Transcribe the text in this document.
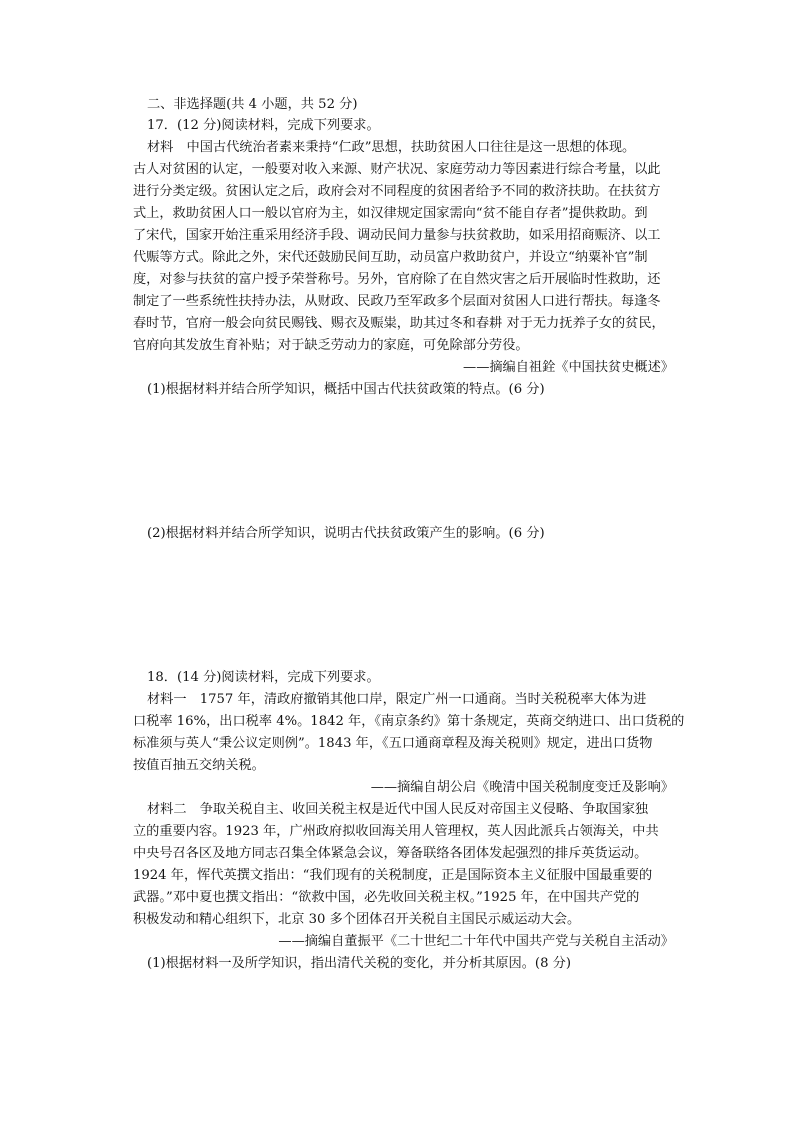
二、非选择题(共 4 小题，共 52 分)
17．(12 分)阅读材料，完成下列要求。
材料　中国古代统治者素来秉持“仁政”思想，扶助贫困人口往往是这一思想的体现。
古人对贫困的认定，一般要对收入来源、财产状况、家庭劳动力等因素进行综合考量，以此
进行分类定级。贫困认定之后，政府会对不同程度的贫困者给予不同的救济扶助。在扶贫方
式上，救助贫困人口一般以官府为主，如汉律规定国家需向“贫不能自存者”提供救助。到
了宋代，国家开始注重采用经济手段、调动民间力量参与扶贫救助，如采用招商赈济、以工
代赈等方式。除此之外，宋代还鼓励民间互助，动员富户救助贫户，并设立“纳粟补官”制
度，对参与扶贫的富户授予荣誉称号。另外，官府除了在自然灾害之后开展临时性救助，还
制定了一些系统性扶持办法，从财政、民政乃至军政多个层面对贫困人口进行帮扶。每逢冬
春时节，官府一般会向贫民赐钱、赐衣及赈粜，助其过冬和春耕 对于无力抚养子女的贫民，
官府向其发放生育补贴；对于缺乏劳动力的家庭，可免除部分劳役。
——摘编自祖銓《中国扶贫史概述》
(1)根据材料并结合所学知识，概括中国古代扶贫政策的特点。(6 分)
(2)根据材料并结合所学知识，说明古代扶贫政策产生的影响。(6 分)
18．(14 分)阅读材料，完成下列要求。
材料一　1757 年，清政府撤销其他口岸，限定广州一口通商。当时关税税率大体为进
口税率 16%，出口税率 4%。1842 年，《南京条约》第十条规定，英商交纳进口、出口货税的
标准须与英人“秉公议定则例”。1843 年，《五口通商章程及海关税则》规定，进出口货物
按值百抽五交纳关税。
——摘编自胡公启《晚清中国关税制度变迁及影响》
材料二　争取关税自主、收回关税主权是近代中国人民反对帝国主义侵略、争取国家独
立的重要内容。1923 年，广州政府拟收回海关用人管理权，英人因此派兵占领海关，中共
中央号召各区及地方同志召集全体紧急会议，筹备联络各团体发起强烈的排斥英货运动。
1924 年，恽代英撰文指出：“我们现有的关税制度，正是国际资本主义征服中国最重要的
武器。”邓中夏也撰文指出：“欲救中国，必先收回关税主权。”1925 年，在中国共产党的
积极发动和精心组织下，北京 30 多个团体召开关税自主国民示威运动大会。
——摘编自董振平《二十世纪二十年代中国共产党与关税自主活动》
(1)根据材料一及所学知识，指出清代关税的变化，并分析其原因。(8 分)
